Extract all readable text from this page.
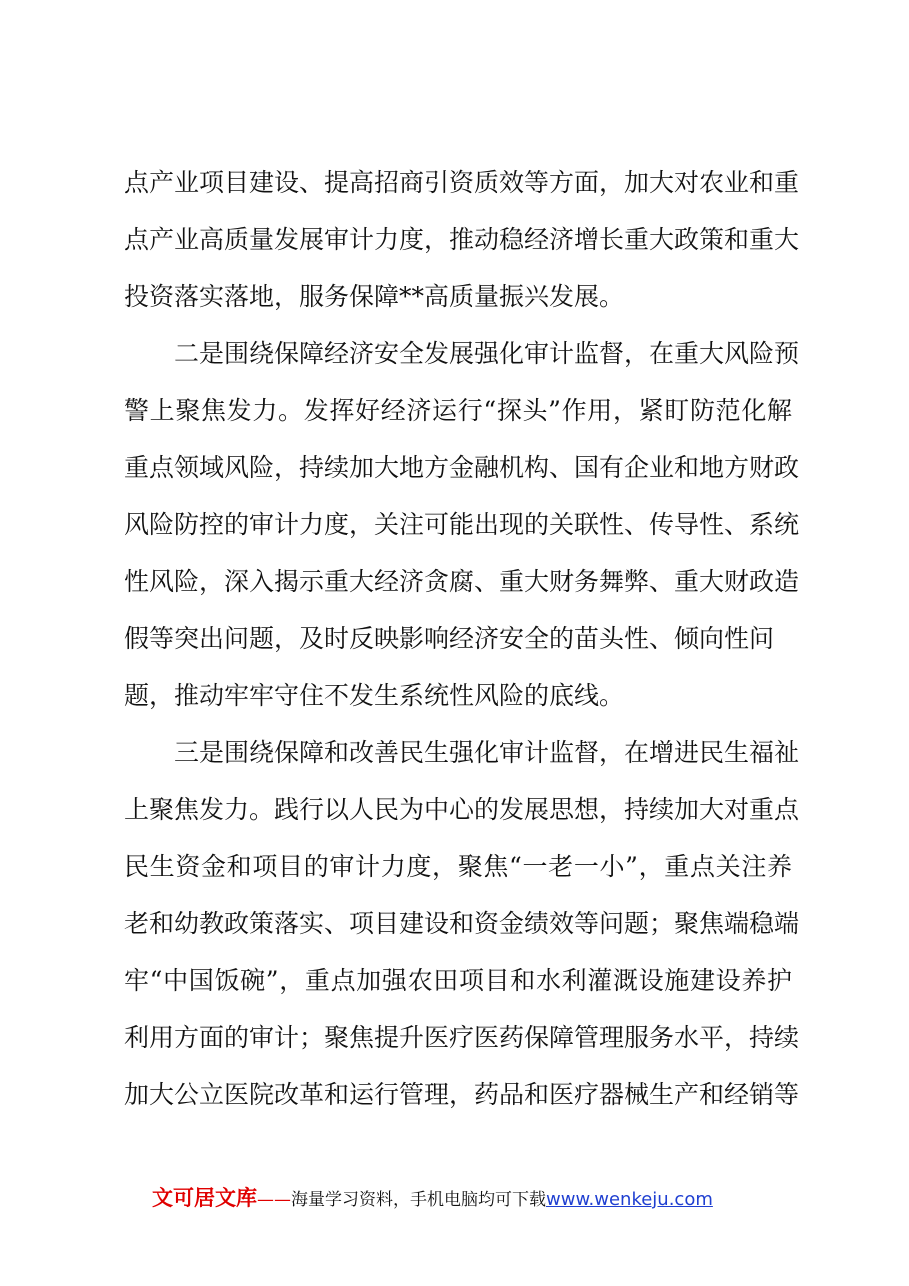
点产业项目建设、提高招商引资质效等方面，加大对农业和重
点产业高质量发展审计力度，推动稳经济增长重大政策和重大
投资落实落地，服务保障**高质量振兴发展。
　　二是围绕保障经济安全发展强化审计监督，在重大风险预
警上聚焦发力。发挥好经济运行“探头”作用，紧盯防范化解
重点领域风险，持续加大地方金融机构、国有企业和地方财政
风险防控的审计力度，关注可能出现的关联性、传导性、系统
性风险，深入揭示重大经济贪腐、重大财务舞弊、重大财政造
假等突出问题，及时反映影响经济安全的苗头性、倾向性问
题，推动牢牢守住不发生系统性风险的底线。
　　三是围绕保障和改善民生强化审计监督，在增进民生福祉
上聚焦发力。践行以人民为中心的发展思想，持续加大对重点
民生资金和项目的审计力度，聚焦“一老一小”，重点关注养
老和幼教政策落实、项目建设和资金绩效等问题；聚焦端稳端
牢“中国饭碗”，重点加强农田项目和水利灌溉设施建设养护
利用方面的审计；聚焦提升医疗医药保障管理服务水平，持续
加大公立医院改革和运行管理，药品和医疗器械生产和经销等
文可居文库——海量学习资料，手机电脑均可下载www.wenkeju.com
